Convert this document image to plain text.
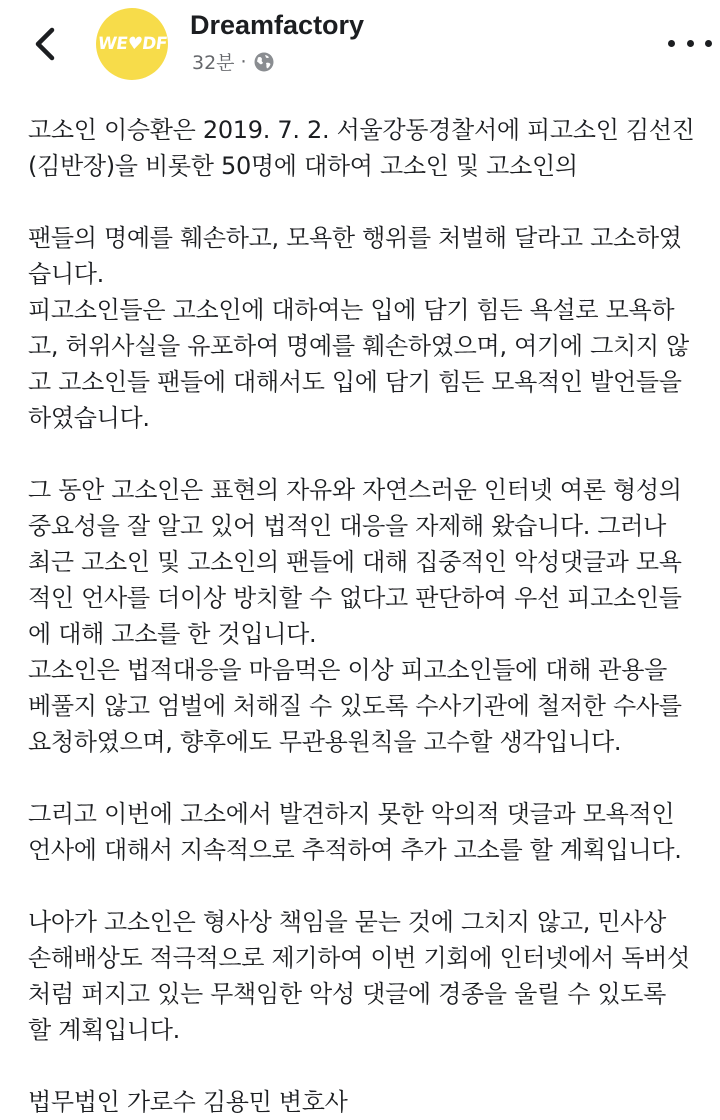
WE♥DF
Dreamfactory
32분 ·

고소인 이승환은 2019. 7. 2. 서울강동경찰서에 피고소인 김선진

(김반장)을 비롯한 50명에 대하여 고소인 및 고소인의

팬들의 명예를 훼손하고, 모욕한 행위를 처벌해 달라고 고소하였

습니다.

피고소인들은 고소인에 대하여는 입에 담기 힘든 욕설로 모욕하

고, 허위사실을 유포하여 명예를 훼손하였으며, 여기에 그치지 않

고 고소인들 팬들에 대해서도 입에 담기 힘든 모욕적인 발언들을

하였습니다.

그 동안 고소인은 표현의 자유와 자연스러운 인터넷 여론 형성의

중요성을 잘 알고 있어 법적인 대응을 자제해 왔습니다. 그러나

최근 고소인 및 고소인의 팬들에 대해 집중적인 악성댓글과 모욕

적인 언사를 더이상 방치할 수 없다고 판단하여 우선 피고소인들

에 대해 고소를 한 것입니다.

고소인은 법적대응을 마음먹은 이상 피고소인들에 대해 관용을

베풀지 않고 엄벌에 처해질 수 있도록 수사기관에 철저한 수사를

요청하였으며, 향후에도 무관용원칙을 고수할 생각입니다.

그리고 이번에 고소에서 발견하지 못한 악의적 댓글과 모욕적인

언사에 대해서 지속적으로 추적하여 추가 고소를 할 계획입니다.

나아가 고소인은 형사상 책임을 묻는 것에 그치지 않고, 민사상

손해배상도 적극적으로 제기하여 이번 기회에 인터넷에서 독버섯

처럼 퍼지고 있는 무책임한 악성 댓글에 경종을 울릴 수 있도록

할 계획입니다.

법무법인 가로수 김용민 변호사
